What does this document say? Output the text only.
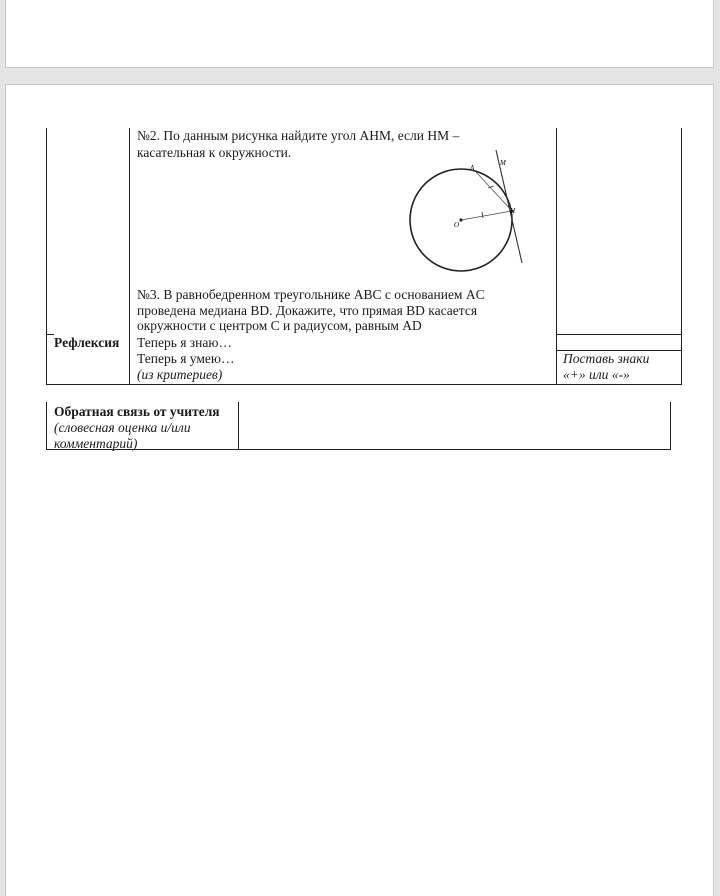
№2. По данным рисунка найдите угол AHM, если HM –
касательная к окружности.
A
M
H
O
№3. В равнобедренном треугольнике ABC с основанием AC
проведена медиана BD. Докажите, что прямая BD касается
окружности с центром C и радиусом, равным AD
Рефлексия Теперь я знаю…
Теперь я умею…
(из критериев)
Поставь знаки
«+» или «-»
Обратная связь от учителя
(словесная оценка и/или
комментарий)
